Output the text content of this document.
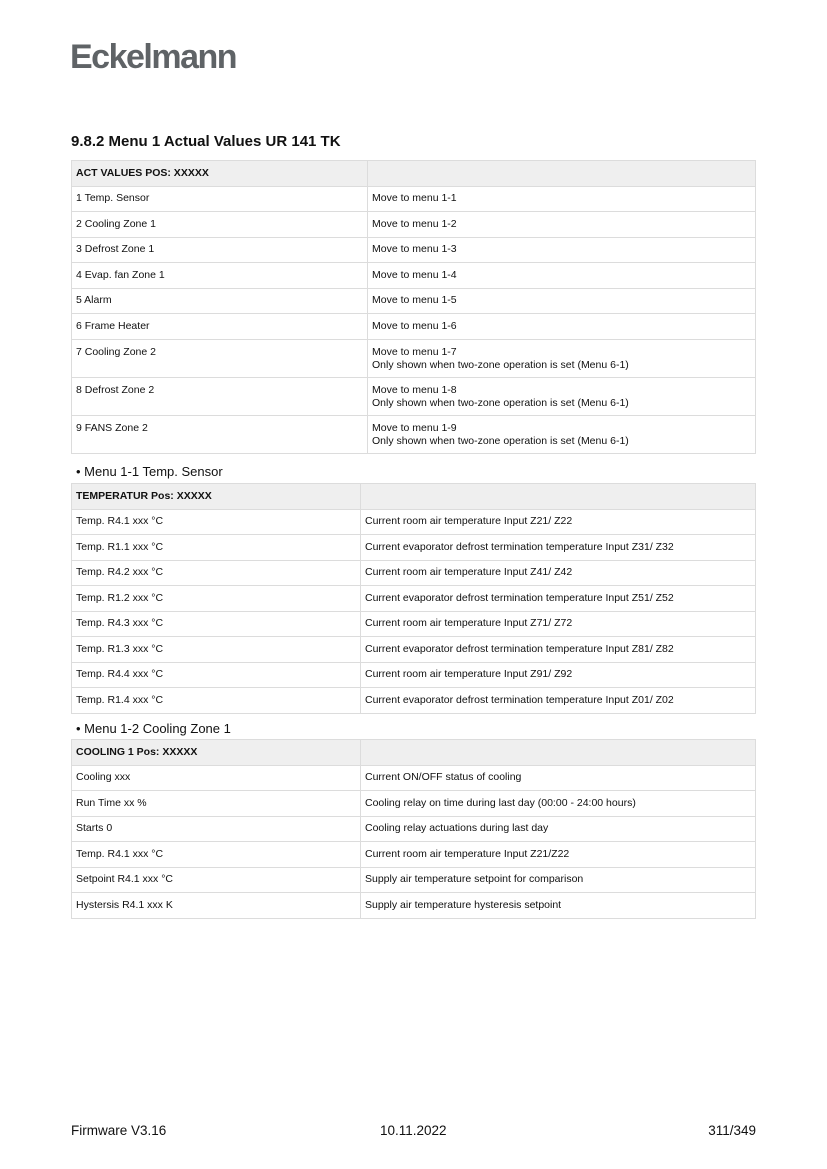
Eckelmann
9.8.2 Menu 1 Actual Values UR 141 TK
ACT VALUES POS: XXXXX	
1 Temp. Sensor	Move to menu 1-1

2 Cooling Zone 1	Move to menu 1-2

3 Defrost Zone 1	Move to menu 1-3

4 Evap. fan Zone 1	Move to menu 1-4

5 Alarm	Move to menu 1-5

6 Frame Heater	Move to menu 1-6

7 Cooling Zone 2	Move to menu 1-7
Only shown when two-zone operation is set (Menu 6-1)

8 Defrost Zone 2	Move to menu 1-8
Only shown when two-zone operation is set (Menu 6-1)

9 FANS Zone 2	Move to menu 1-9
Only shown when two-zone operation is set (Menu 6-1)
• Menu 1-1 Temp. Sensor
TEMPERATUR Pos: XXXXX	
Temp. R4.1 xxx °C	Current room air temperature Input Z21/ Z22

Temp. R1.1 xxx °C	Current evaporator defrost termination temperature Input Z31/ Z32

Temp. R4.2 xxx °C	Current room air temperature Input Z41/ Z42

Temp. R1.2 xxx °C	Current evaporator defrost termination temperature Input Z51/ Z52

Temp. R4.3 xxx °C	Current room air temperature Input Z71/ Z72

Temp. R1.3 xxx °C	Current evaporator defrost termination temperature Input Z81/ Z82

Temp. R4.4 xxx °C	Current room air temperature Input Z91/ Z92

Temp. R1.4 xxx °C	Current evaporator defrost termination temperature Input Z01/ Z02
• Menu 1-2 Cooling Zone 1
COOLING 1 Pos: XXXXX	
Cooling xxx	Current ON/OFF status of cooling

Run Time xx %	Cooling relay on time during last day (00:00 - 24:00 hours)

Starts 0	Cooling relay actuations during last day

Temp. R4.1 xxx °C	Current room air temperature Input Z21/Z22

Setpoint R4.1 xxx °C	Supply air temperature setpoint for comparison

Hystersis R4.1 xxx K	Supply air temperature hysteresis setpoint
Firmware V3.16	10.11.2022	311/349
